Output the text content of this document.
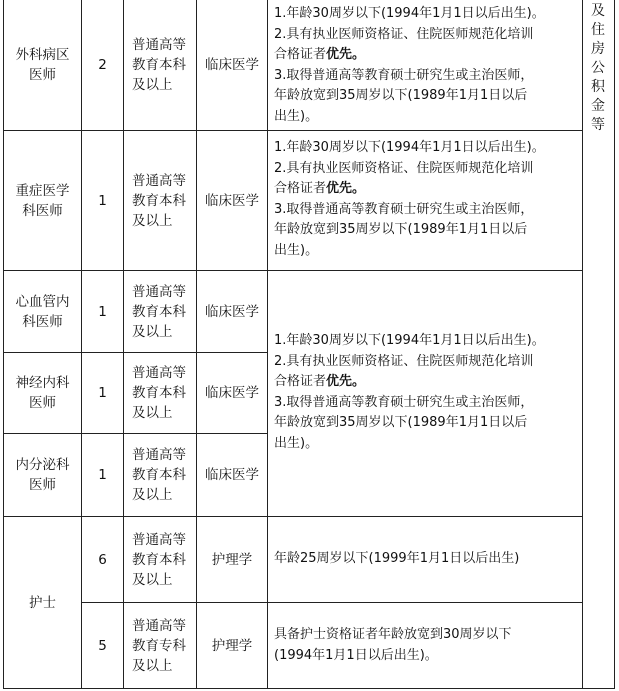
外科病区医师
2
普通高等教育本科及以上
临床医学
1.年龄30周岁以下(1994年1月1日以后出生)。
2.具有执业医师资格证、住院医师规范化培训
合格证者优先。
3.取得普通高等教育硕士研究生或主治医师，
年龄放宽到35周岁以下(1989年1月1日以后
出生)。
重症医学科医师
1
普通高等教育本科及以上
临床医学
1.年龄30周岁以下(1994年1月1日以后出生)。
2.具有执业医师资格证、住院医师规范化培训
合格证者优先。
3.取得普通高等教育硕士研究生或主治医师，
年龄放宽到35周岁以下(1989年1月1日以后
出生)。
心血管内科医师
1
普通高等教育本科及以上
临床医学
神经内科医师
1
普通高等教育本科及以上
临床医学
内分泌科医师
1
普通高等教育本科及以上
临床医学
1.年龄30周岁以下(1994年1月1日以后出生)。
2.具有执业医师资格证、住院医师规范化培训
合格证者优先。
3.取得普通高等教育硕士研究生或主治医师，
年龄放宽到35周岁以下(1989年1月1日以后
出生)。
护士
6
普通高等教育本科及以上
护理学 年龄25周岁以下(1999年1月1日以后出生)
5
普通高等教育专科及以上
护理学
具备护士资格证者年龄放宽到30周岁以下
(1994年1月1日以后出生)。
及
住
房
公
积
金
等
